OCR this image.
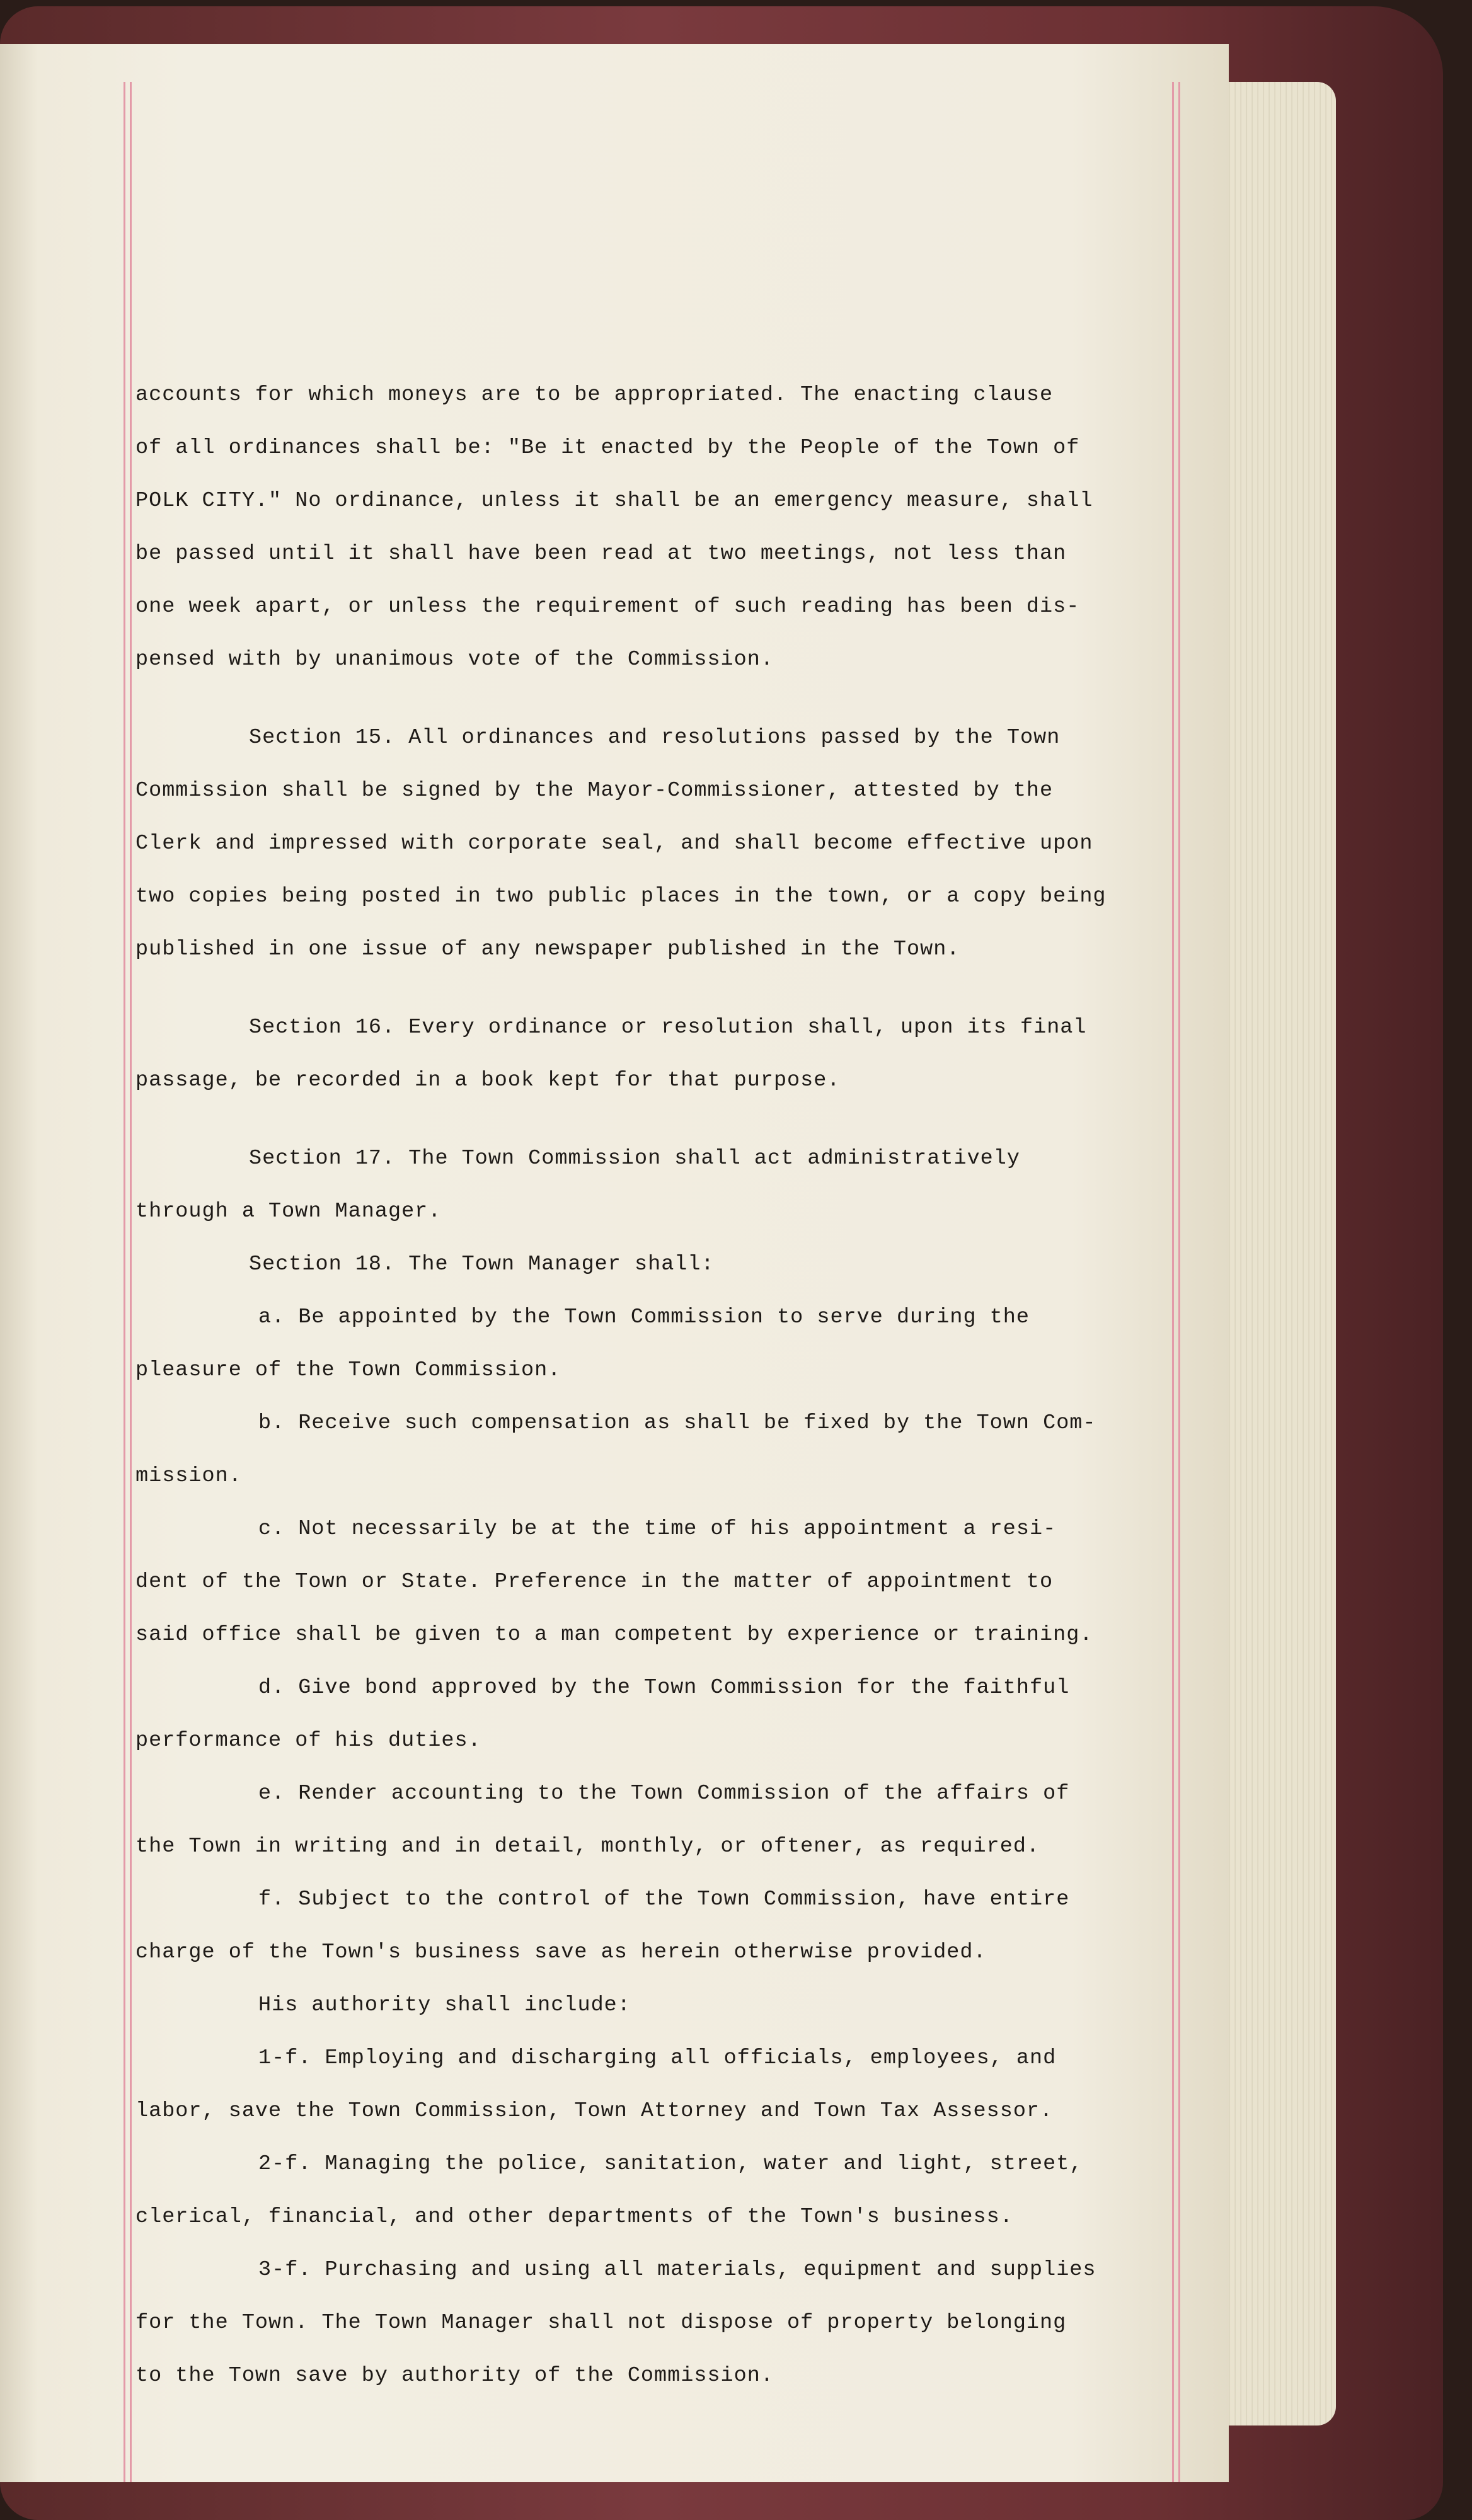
accounts for which moneys are to be appropriated. The enacting clause
of all ordinances shall be: "Be it enacted by the People of the Town of
POLK CITY." No ordinance, unless it shall be an emergency measure, shall
be passed until it shall have been read at two meetings, not less than
one week apart, or unless the requirement of such reading has been dis-
pensed with by unanimous vote of the Commission.
Section 15. All ordinances and resolutions passed by the Town
Commission shall be signed by the Mayor-Commissioner, attested by the
Clerk and impressed with corporate seal, and shall become effective upon
two copies being posted in two public places in the town, or a copy being
published in one issue of any newspaper published in the Town.
Section 16. Every ordinance or resolution shall, upon its final
passage, be recorded in a book kept for that purpose.
Section 17. The Town Commission shall act administratively
through a Town Manager.
Section 18. The Town Manager shall:
a. Be appointed by the Town Commission to serve during the
pleasure of the Town Commission.
b. Receive such compensation as shall be fixed by the Town Com-
mission.
c. Not necessarily be at the time of his appointment a resi-
dent of the Town or State. Preference in the matter of appointment to
said office shall be given to a man competent by experience or training.
d. Give bond approved by the Town Commission for the faithful
performance of his duties.
e. Render accounting to the Town Commission of the affairs of
the Town in writing and in detail, monthly, or oftener, as required.
f. Subject to the control of the Town Commission, have entire
charge of the Town's business save as herein otherwise provided.
His authority shall include:
1-f. Employing and discharging all officials, employees, and
labor, save the Town Commission, Town Attorney and Town Tax Assessor.
2-f. Managing the police, sanitation, water and light, street,
clerical, financial, and other departments of the Town's business.
3-f. Purchasing and using all materials, equipment and supplies
for the Town. The Town Manager shall not dispose of property belonging
to the Town save by authority of the Commission.
